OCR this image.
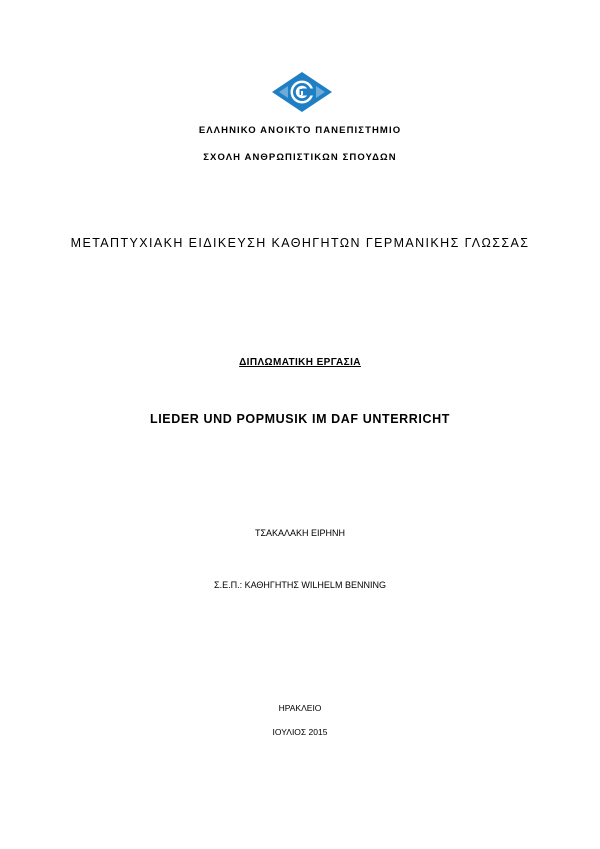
ΕΛΛΗΝΙΚΟ ΑΝΟΙΚΤΟ ΠΑΝΕΠΙΣΤΗΜΙΟ
ΣΧΟΛΗ ΑΝΘΡΩΠΙΣΤΙΚΩΝ ΣΠΟΥΔΩΝ
ΜΕΤΑΠΤΥΧΙΑΚΗ ΕΙΔΙΚΕΥΣΗ ΚΑΘΗΓΗΤΩΝ ΓΕΡΜΑΝΙΚΗΣ ΓΛΩΣΣΑΣ
ΔΙΠΛΩΜΑΤΙΚΗ ΕΡΓΑΣΙΑ
LIEDER UND POPMUSIK IM DAF UNTERRICHT
ΤΣΑΚΑΛΑΚΗ ΕΙΡΗΝΗ
Σ.Ε.Π.: ΚΑΘΗΓΗΤΗΣ WILHELM BENNING
ΗΡΑΚΛΕΙΟ
ΙΟΥΛΙΟΣ 2015
